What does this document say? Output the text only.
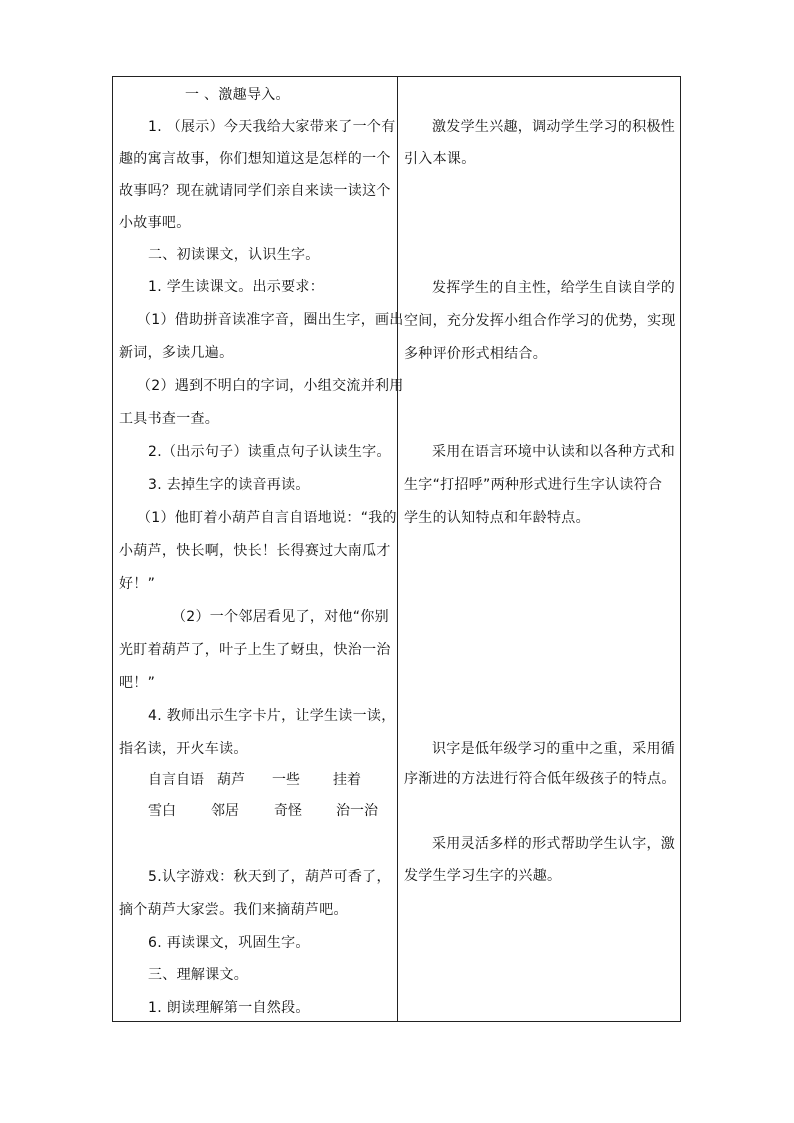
一 、激趣导入。
1. （展示）今天我给大家带来了一个有
趣的寓言故事，你们想知道这是怎样的一个
故事吗？现在就请同学们亲自来读一读这个
小故事吧。
二、初读课文，认识生字。
1. 学生读课文。出示要求：
（1）借助拼音读准字音，圈出生字，画出
新词，多读几遍。
（2）遇到不明白的字词，小组交流并利用
工具书查一查。
2.（出示句子）读重点句子认读生字。
3. 去掉生字的读音再读。
（1）他盯着小葫芦自言自语地说：“我的
小葫芦，快长啊，快长！长得赛过大南瓜才
好！”
（2）一个邻居看见了，对他“你别
光盯着葫芦了，叶子上生了蚜虫，快治一治
吧！”
4. 教师出示生字卡片，让学生读一读，
指名读，开火车读。
自言自语 葫芦 一些 挂着
雪白	邻居	奇怪 治一治
5.认字游戏：秋天到了，葫芦可香了，
摘个葫芦大家尝。我们来摘葫芦吧。
6. 再读课文，巩固生字。
三、理解课文。
1. 朗读理解第一自然段。
激发学生兴趣，调动学生学习的积极性
引入本课。
发挥学生的自主性，给学生自读自学的
空间，充分发挥小组合作学习的优势，实现
多种评价形式相结合。
采用在语言环境中认读和以各种方式和
生字“打招呼”两种形式进行生字认读符合
学生的认知特点和年龄特点。
识字是低年级学习的重中之重，采用循
序渐进的方法进行符合低年级孩子的特点。
采用灵活多样的形式帮助学生认字，激
发学生学习生字的兴趣。
